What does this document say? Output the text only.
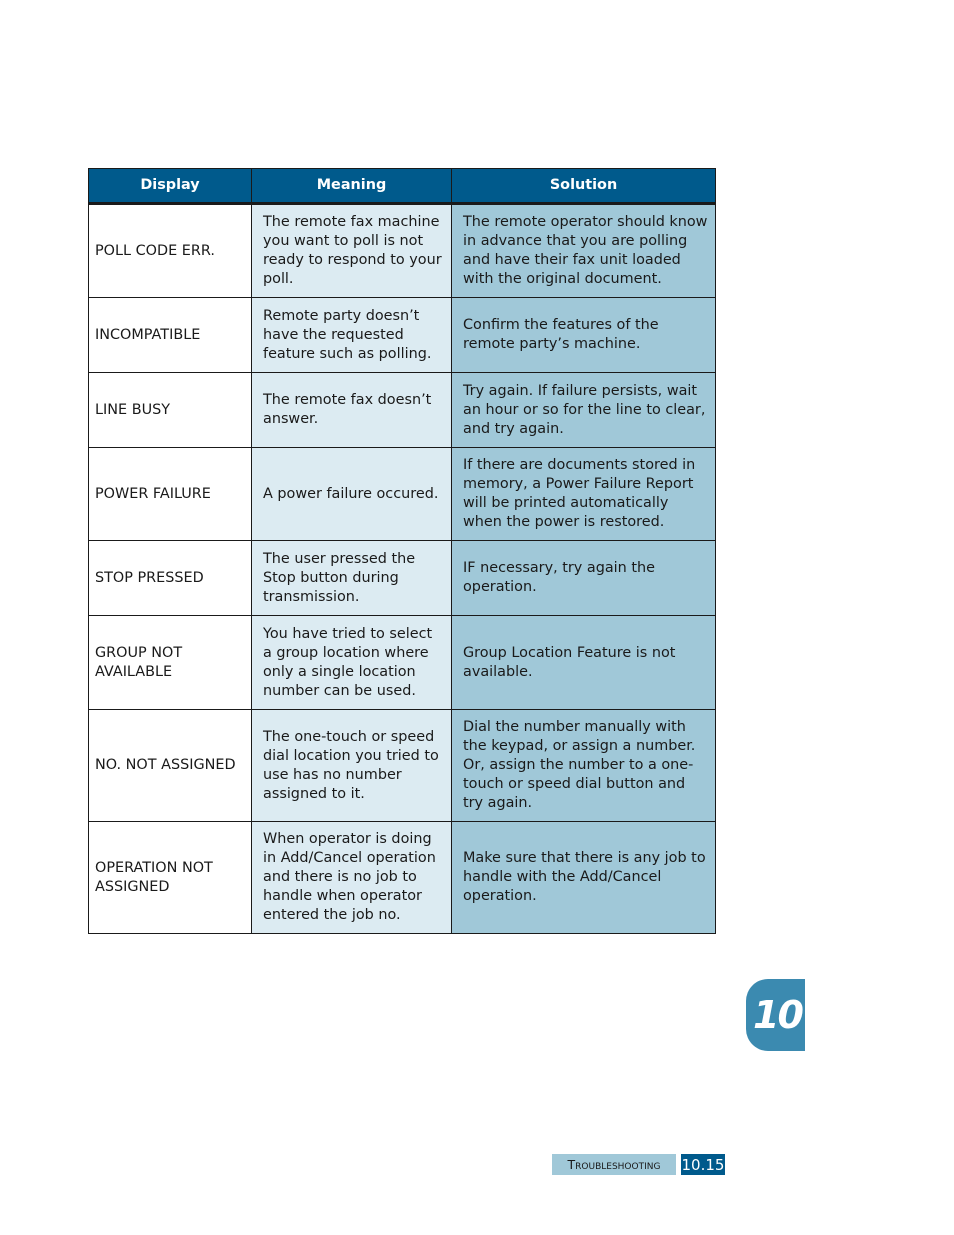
Display	Meaning	Solution
POLL CODE ERR.	The remote fax machine you want to poll is not ready to respond to your poll.	The remote operator should know in advance that you are polling and have their fax unit loaded with the original document.
INCOMPATIBLE	Remote party doesn’t have the requested feature such as polling.	Confirm the features of the remote party’s machine.
LINE BUSY	The remote fax doesn’t answer.	Try again. If failure persists, wait an hour or so for the line to clear, and try again.
POWER FAILURE	A power failure occured.	If there are documents stored in memory, a Power Failure Report will be printed automatically when the power is restored.
STOP PRESSED	The user pressed the Stop button during transmission.	IF necessary, try again the operation.
GROUP NOT AVAILABLE	You have tried to select a group location where only a single location number can be used.	Group Location Feature is not available.
NO. NOT ASSIGNED	The one-touch or speed dial location you tried to use has no number assigned to it.	Dial the number manually with the keypad, or assign a number. Or, assign the number to a one-touch or speed dial button and try again.
OPERATION NOT ASSIGNED	When operator is doing in Add/Cancel operation and there is no job to handle when operator entered the job no.	Make sure that there is any job to handle with the Add/Cancel operation.
10
Troubleshooting	10.15
